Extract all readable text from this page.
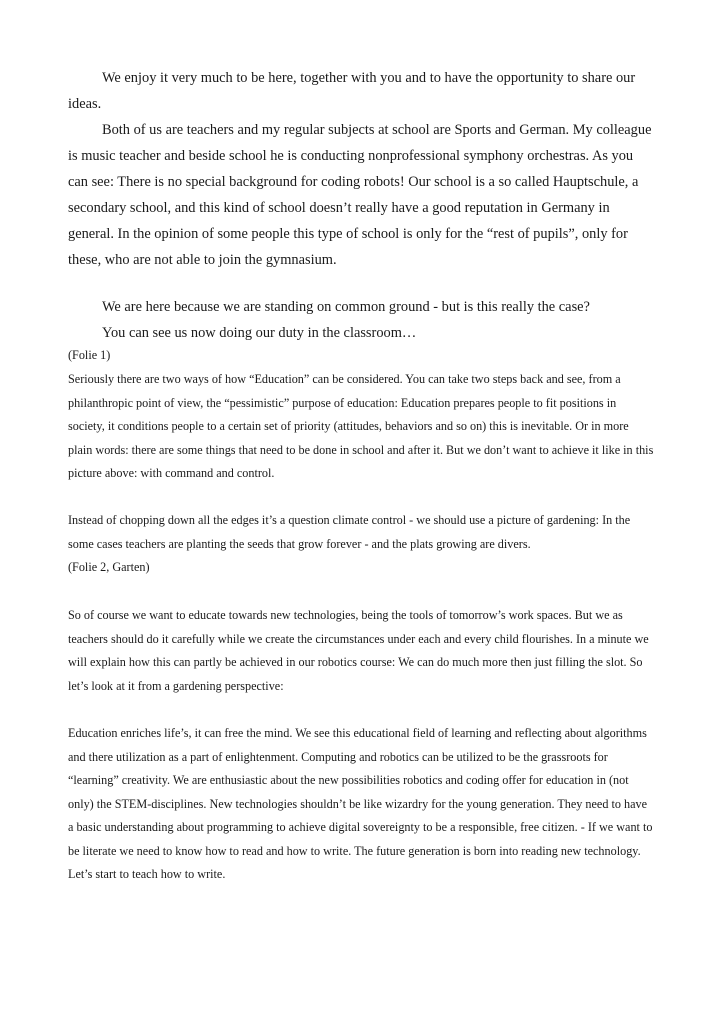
We enjoy it very much to be here, together with you and to have the opportunity to share our ideas.

Both of us are teachers and my regular subjects at school are Sports and German. My colleague is music teacher and beside school he is conducting nonprofessional symphony orchestras. As you can see: There is no special background for coding robots! Our school is a so called Hauptschule, a secondary school, and this kind of school doesn’t really have a good reputation in Germany in general. In the opinion of some people this type of school is only for the “rest of pupils”, only for these, who are not able to join the gymnasium.

We are here because we are standing on common ground - but is this really the case?

You can see us now doing our duty in the classroom…

(Folie 1)

Seriously there are two ways of how “Education” can be considered. You can take two steps back and see, from a philanthropic point of view, the “pessimistic” purpose of education: Education prepares people to fit positions in society, it conditions people to a certain set of priority (attitudes, behaviors and so on) this is inevitable. Or in more plain words: there are some things that need to be done in school and after it. But we don’t want to achieve it like in this picture above: with command and control.

Instead of chopping down all the edges it’s a question climate control - we should use a picture of gardening: In the some cases teachers are planting the seeds that grow forever - and the plats growing are divers.

(Folie 2, Garten)

So of course we want to educate towards new technologies, being the tools of tomorrow’s work spaces. But we as teachers should do it carefully while we create the circumstances under each and every child flourishes. In a minute we will explain how this can partly be achieved in our robotics course: We can do much more then just filling the slot. So let’s look at it from a gardening perspective:

Education enriches life’s, it can free the mind. We see this educational field of learning and reflecting about algorithms and there utilization as a part of enlightenment. Computing and robotics can be utilized to be the grassroots for “learning” creativity. We are enthusiastic about the new possibilities robotics and coding offer for education in (not only) the STEM-disciplines. New technologies shouldn’t be like wizardry for the young generation. They need to have a basic understanding about programming to achieve digital sovereignty to be a responsible, free citizen. - If we want to be literate we need to know how to read and how to write. The future generation is born into reading new technology. Let’s start to teach how to write.
